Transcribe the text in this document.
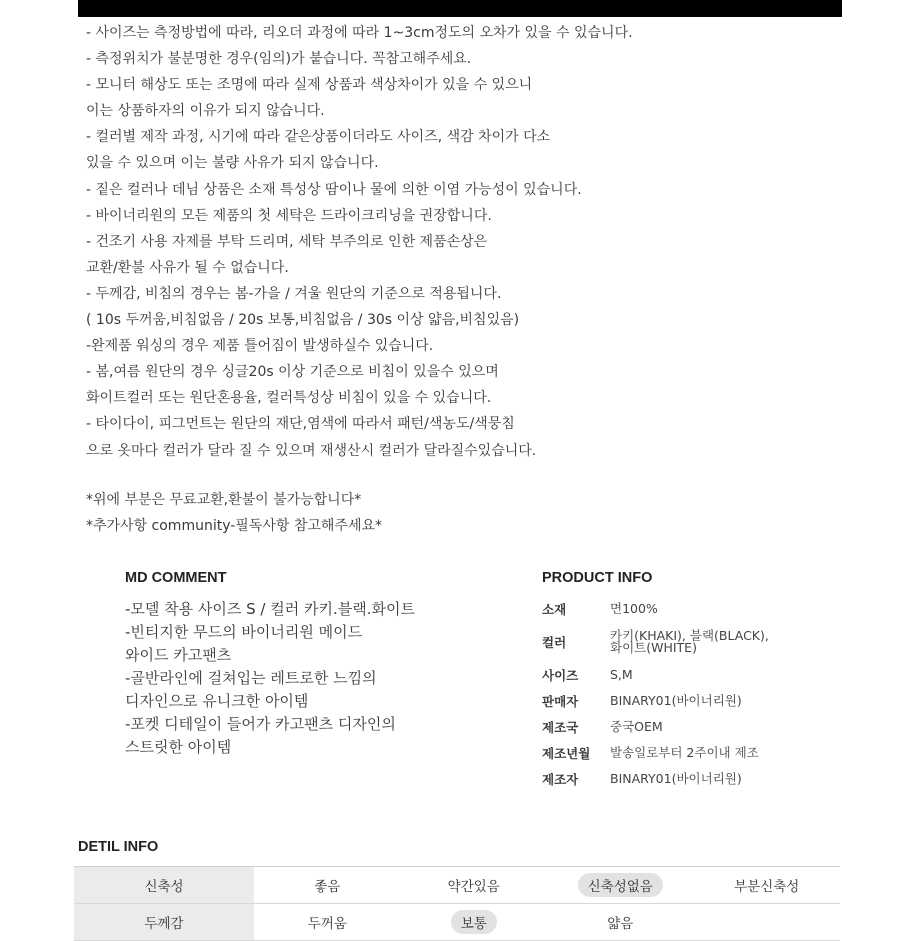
- 사이즈는 측정방법에 따라, 리오더 과정에 따라 1~3cm정도의 오차가 있을 수 있습니다.
- 측정위치가 불분명한 경우(임의)가 붙습니다. 꼭참고해주세요.
- 모니터 해상도 또는 조명에 따라 실제 상품과 색상차이가 있을 수 있으니
이는 상품하자의 이유가 되지 않습니다.
- 컬러별 제작 과정, 시기에 따라 같은상품이더라도 사이즈, 색감 차이가 다소
있을 수 있으며 이는 불량 사유가 되지 않습니다.
- 짙은 컬러나 데님 상품은 소재 특성상 땀이나 물에 의한 이염 가능성이 있습니다.
- 바이너리원의 모든 제품의 첫 세탁은 드라이크리닝을 권장합니다.
- 건조기 사용 자제를 부탁 드리며, 세탁 부주의로 인한 제품손상은
교환/환불 사유가 될 수 없습니다.
- 두께감, 비침의 경우는 봄-가을 / 겨울 원단의 기준으로 적용됩니다.
( 10s 두꺼움,비침없음 / 20s 보통,비침없음 / 30s 이상 얇음,비침있음)
-완제품 워싱의 경우 제품 틀어짐이 발생하실수 있습니다.
- 봄,여름 원단의 경우 싱글20s 이상 기준으로 비침이 있을수 있으며
화이트컬러 또는 원단혼용율, 컬러특성상 비침이 있을 수 있습니다.
- 타이다이, 피그먼트는 원단의 재단,염색에 따라서 패턴/색농도/색뭉침
으로 옷마다 컬러가 달라 질 수 있으며 재생산시 컬러가 달라질수있습니다.
*위에 부분은 무료교환,환불이 불가능합니다*
*추가사항 community-필독사항 참고해주세요*
MD COMMENT
-모델 착용 사이즈 S / 컬러 카키.블랙.화이트
-빈티지한 무드의 바이너리원 메이드
와이드 카고팬츠
-골반라인에 걸쳐입는 레트로한 느낌의
디자인으로 유니크한 아이템
-포켓 디테일이 들어가 카고팬츠 디자인의
스트릿한 아이템
PRODUCT INFO
소재	면100%
컬러	카키(KHAKI), 블랙(BLACK),
화이트(WHITE)
사이즈	S,M
판매자	BINARY01(바이너리원)
제조국	중국OEM
제조년월	발송일로부터 2주이내 제조
제조자	BINARY01(바이너리원)
DETIL INFO
신축성	좋음	약간있음	신축성없음	부분신축성
두께감	두꺼움	보통	얇음
